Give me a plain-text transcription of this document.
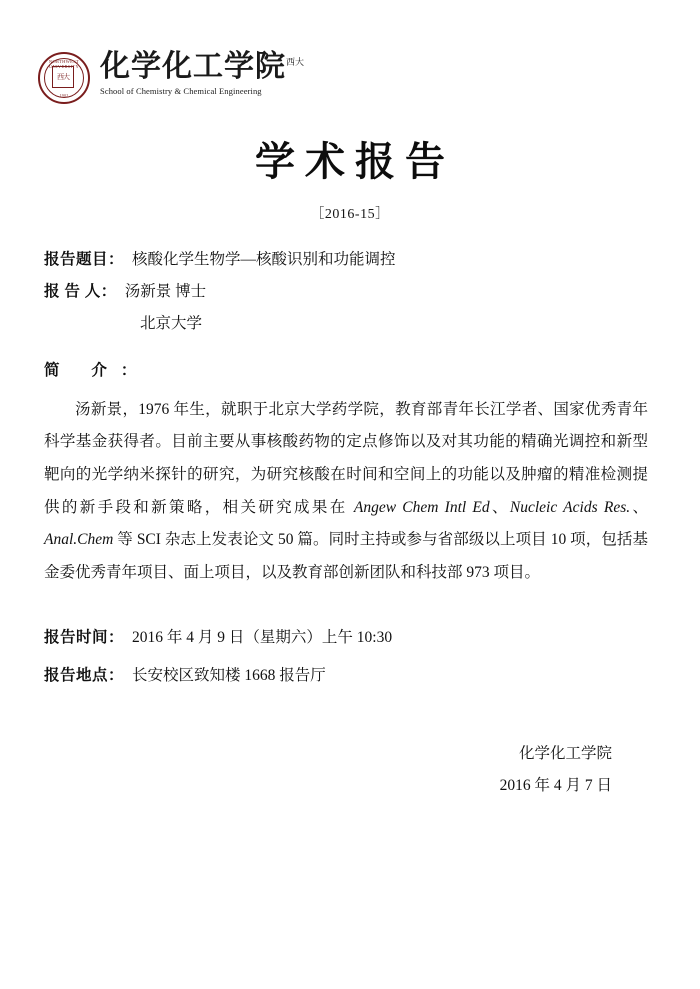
NORTHWEST UNIVERSITY
西大
1902
化学化工学院$^{西大}$
School of Chemistry & Chemical Engineering
学术报告
［2016-15］
报告题目： 核酸化学生物学—核酸识别和功能调控
报 告 人： 汤新景 博士
北京大学
简 介：
汤新景，1976 年生，就职于北京大学药学院，教育部青年长江学者、国家优秀青年科学基金获得者。目前主要从事核酸药物的定点修饰以及对其功能的精确光调控和新型靶向的光学纳米探针的研究，为研究核酸在时间和空间上的功能以及肿瘤的精准检测提供的新手段和新策略，相关研究成果在 Angew Chem Intl Ed、Nucleic Acids Res.、Anal.Chem 等 SCI 杂志上发表论文 50 篇。同时主持或参与省部级以上项目 10 项，包括基金委优秀青年项目、面上项目，以及教育部创新团队和科技部 973 项目。
报告时间： 2016 年 4 月 9 日（星期六）上午 10:30
报告地点： 长安校区致知楼 1668 报告厅
化学化工学院
2016 年 4 月 7 日
